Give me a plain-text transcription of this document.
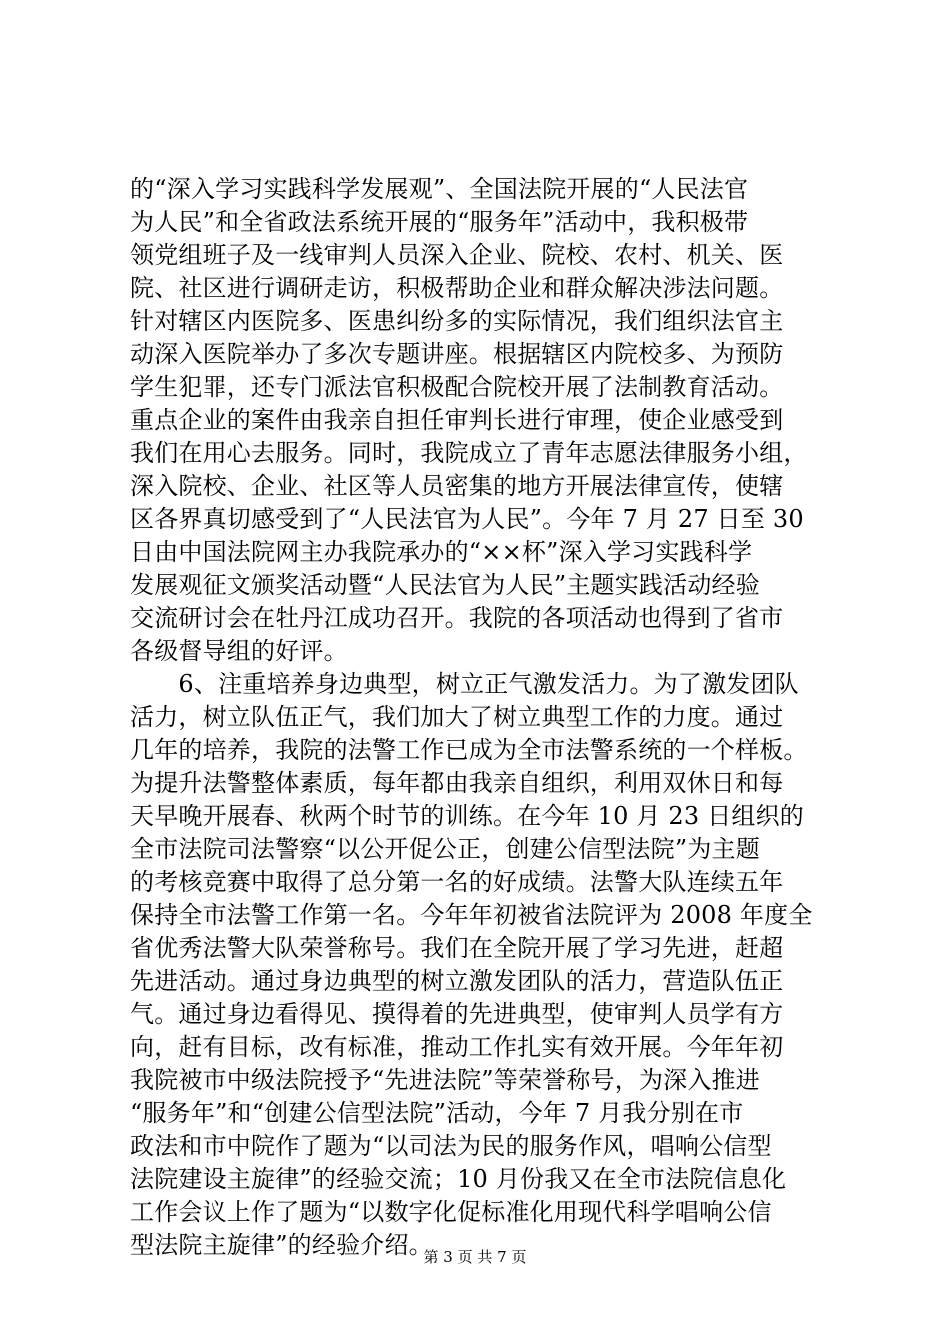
的“深入学习实践科学发展观”、全国法院开展的“人民法官
为人民”和全省政法系统开展的“服务年”活动中，我积极带
领党组班子及一线审判人员深入企业、院校、农村、机关、医
院、社区进行调研走访，积极帮助企业和群众解决涉法问题。
针对辖区内医院多、医患纠纷多的实际情况，我们组织法官主
动深入医院举办了多次专题讲座。根据辖区内院校多、为预防
学生犯罪，还专门派法官积极配合院校开展了法制教育活动。
重点企业的案件由我亲自担任审判长进行审理，使企业感受到
我们在用心去服务。同时，我院成立了青年志愿法律服务小组，
深入院校、企业、社区等人员密集的地方开展法律宣传，使辖
区各界真切感受到了“人民法官为人民”。今年 7 月 27 日至 30
日由中国法院网主办我院承办的“××杯”深入学习实践科学
发展观征文颁奖活动暨“人民法官为人民”主题实践活动经验
交流研讨会在牡丹江成功召开。我院的各项活动也得到了省市
各级督导组的好评。
　　6、注重培养身边典型，树立正气激发活力。为了激发团队
活力，树立队伍正气，我们加大了树立典型工作的力度。通过
几年的培养，我院的法警工作已成为全市法警系统的一个样板。
为提升法警整体素质，每年都由我亲自组织，利用双休日和每
天早晚开展春、秋两个时节的训练。在今年 10 月 23 日组织的
全市法院司法警察“以公开促公正，创建公信型法院”为主题
的考核竞赛中取得了总分第一名的好成绩。法警大队连续五年
保持全市法警工作第一名。今年年初被省法院评为 2008 年度全
省优秀法警大队荣誉称号。我们在全院开展了学习先进，赶超
先进活动。通过身边典型的树立激发团队的活力，营造队伍正
气。通过身边看得见、摸得着的先进典型，使审判人员学有方
向，赶有目标，改有标准，推动工作扎实有效开展。今年年初
我院被市中级法院授予“先进法院”等荣誉称号，为深入推进
“服务年”和“创建公信型法院”活动，今年 7 月我分别在市
政法和市中院作了题为“以司法为民的服务作风，唱响公信型
法院建设主旋律”的经验交流；10 月份我又在全市法院信息化
工作会议上作了题为“以数字化促标准化用现代科学唱响公信
型法院主旋律”的经验介绍。
第 3 页 共 7 页
